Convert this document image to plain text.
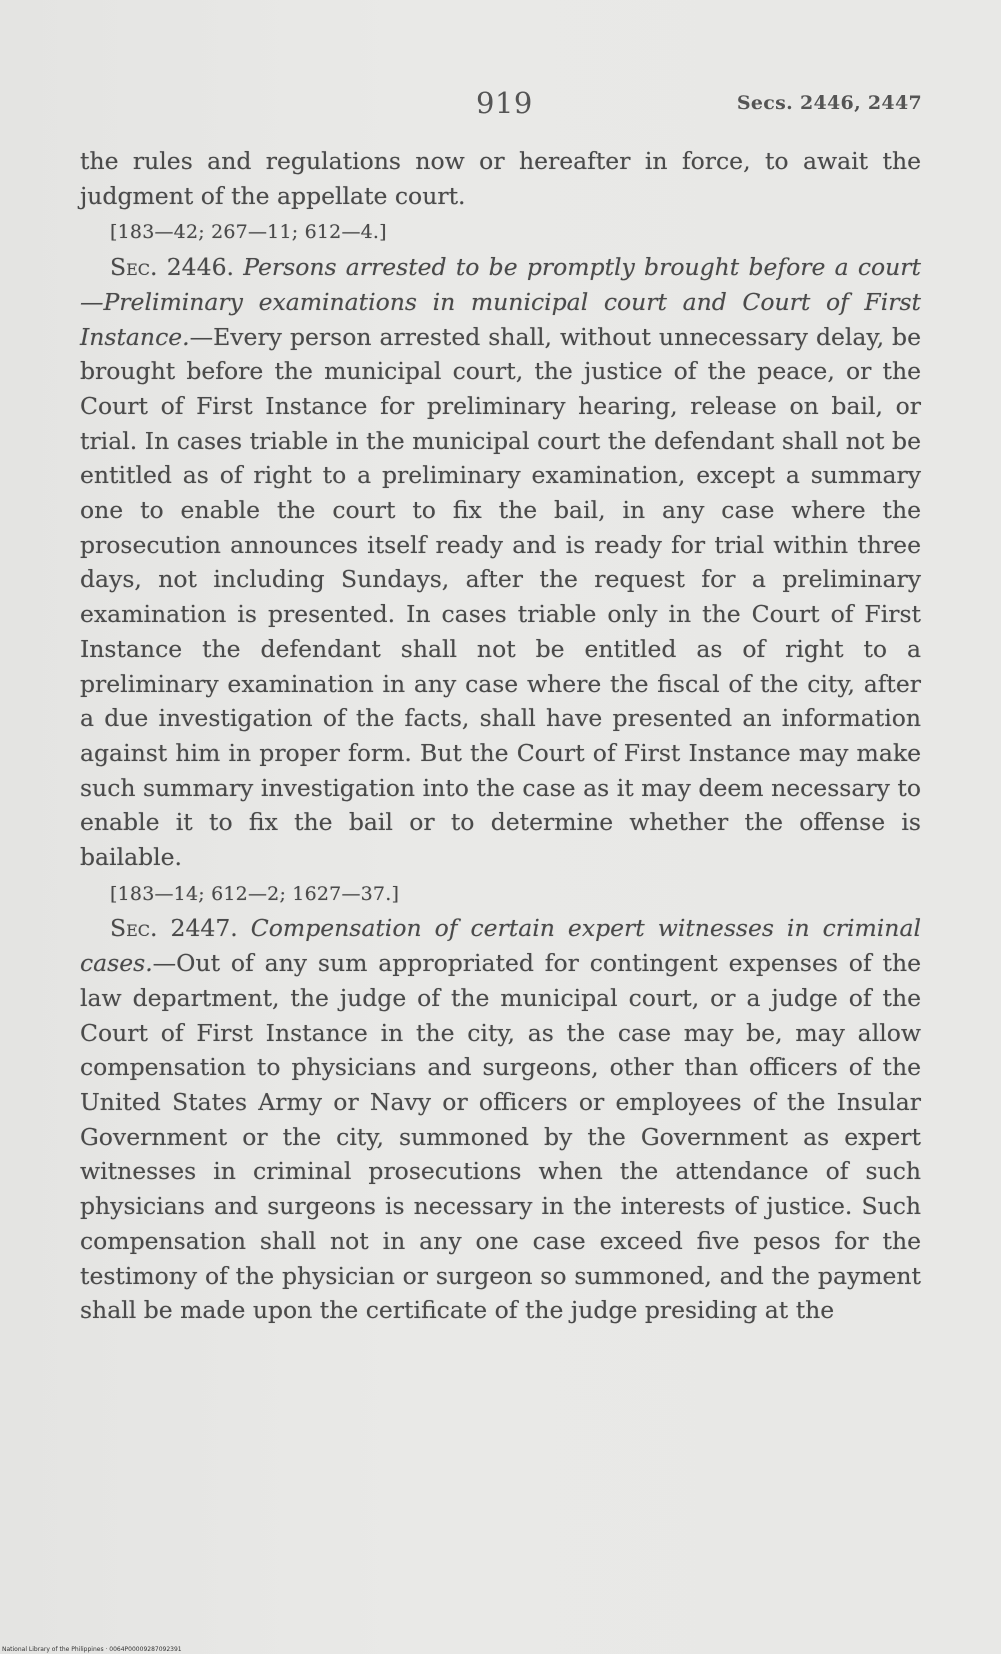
919	Secs. 2446, 2447

the rules and regulations now or hereafter in force, to await the judgment of the appellate court.

[183—42; 267—11; 612—4.]

Sec. 2446. Persons arrested to be promptly brought before a court—Preliminary examinations in municipal court and Court of First Instance.—Every person arrested shall, without unnecessary delay, be brought before the municipal court, the justice of the peace, or the Court of First Instance for preliminary hearing, release on bail, or trial. In cases triable in the municipal court the defendant shall not be entitled as of right to a preliminary examination, except a summary one to enable the court to fix the bail, in any case where the prosecution announces itself ready and is ready for trial within three days, not including Sundays, after the request for a preliminary examination is presented. In cases triable only in the Court of First Instance the defendant shall not be entitled as of right to a preliminary examination in any case where the fiscal of the city, after a due investigation of the facts, shall have presented an information against him in proper form. But the Court of First Instance may make such summary investigation into the case as it may deem necessary to enable it to fix the bail or to determine whether the offense is bailable.

[183—14; 612—2; 1627—37.]

Sec. 2447. Compensation of certain expert witnesses in criminal cases.—Out of any sum appropriated for contingent expenses of the law department, the judge of the municipal court, or a judge of the Court of First Instance in the city, as the case may be, may allow compensation to physicians and surgeons, other than officers of the United States Army or Navy or officers or employees of the Insular Government or the city, summoned by the Government as expert witnesses in criminal prosecutions when the attendance of such physicians and surgeons is necessary in the interests of justice. Such compensation shall not in any one case exceed five pesos for the testimony of the physician or surgeon so summoned, and the payment shall be made upon the certificate of the judge presiding at the

National Library of the Philippines · 0064P00009287092391
